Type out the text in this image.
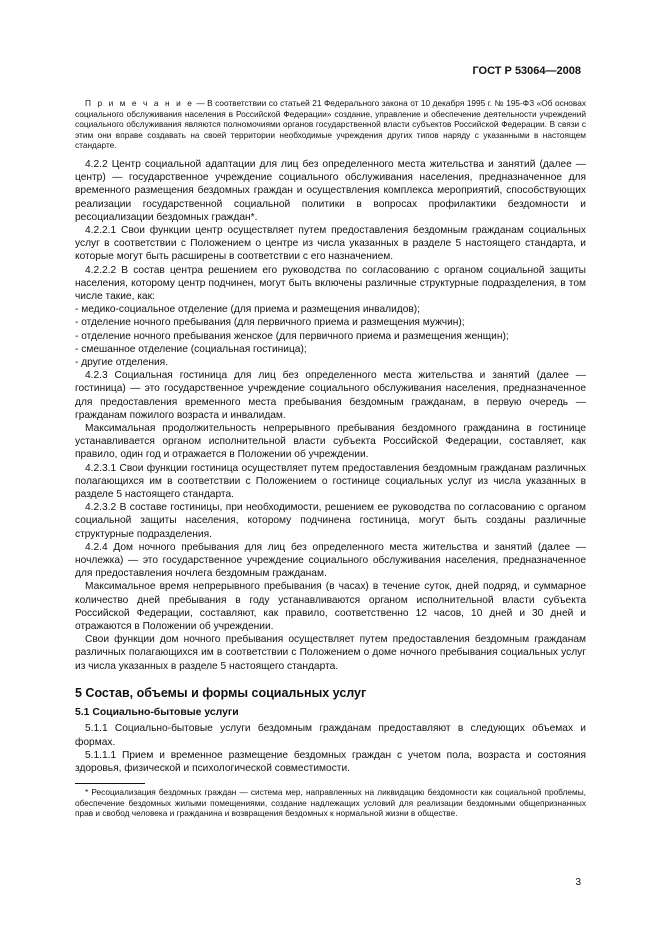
ГОСТ Р 53064—2008

П р и м е ч а н и е — В соответствии со статьей 21 Федерального закона от 10 декабря 1995 г. № 195-ФЗ «Об основах социального обслуживания населения в Российской Федерации» создание, управление и обеспечение деятельности учреждений социального обслуживания являются полномочиями органов государственной власти субъектов Российской Федерации. В связи с этим они вправе создавать на своей территории необходимые учреждения других типов наряду с указанными в настоящем стандарте.

4.2.2 Центр социальной адаптации для лиц без определенного места жительства и занятий (далее — центр) — государственное учреждение социального обслуживания населения, предназначенное для временного размещения бездомных граждан и осуществления комплекса мероприятий, способствующих реализации государственной социальной политики в вопросах профилактики бездомности и ресоциализации бездомных граждан*.

4.2.2.1 Свои функции центр осуществляет путем предоставления бездомным гражданам социальных услуг в соответствии с Положением о центре из числа указанных в разделе 5 настоящего стандарта, и которые могут быть расширены в соответствии с его назначением.

4.2.2.2 В состав центра решением его руководства по согласованию с органом социальной защиты населения, которому центр подчинен, могут быть включены различные структурные подразделения, в том числе такие, как:

- медико-социальное отделение (для приема и размещения инвалидов);
- отделение ночного пребывания (для первичного приема и размещения мужчин);
- отделение ночного пребывания женское (для первичного приема и размещения женщин);
- смешанное отделение (социальная гостиница);
- другие отделения.

4.2.3 Социальная гостиница для лиц без определенного места жительства и занятий (далее — гостиница) — это государственное учреждение социального обслуживания населения, предназначенное для предоставления временного места пребывания бездомным гражданам, в первую очередь — гражданам пожилого возраста и инвалидам.

Максимальная продолжительность непрерывного пребывания бездомного гражданина в гостинице устанавливается органом исполнительной власти субъекта Российской Федерации, составляет, как правило, один год и отражается в Положении об учреждении.

4.2.3.1 Свои функции гостиница осуществляет путем предоставления бездомным гражданам различных полагающихся им в соответствии с Положением о гостинице социальных услуг из числа указанных в разделе 5 настоящего стандарта.

4.2.3.2 В составе гостиницы, при необходимости, решением ее руководства по согласованию с органом социальной защиты населения, которому подчинена гостиница, могут быть созданы различные структурные подразделения.

4.2.4 Дом ночного пребывания для лиц без определенного места жительства и занятий (далее — ночлежка) — это государственное учреждение социального обслуживания населения, предназначенное для предоставления ночлега бездомным гражданам.

Максимальное время непрерывного пребывания (в часах) в течение суток, дней подряд, и суммарное количество дней пребывания в году устанавливаются органом исполнительной власти субъекта Российской Федерации, составляют, как правило, соответственно 12 часов, 10 дней и 30 дней и отражаются в Положении об учреждении.

Свои функции дом ночного пребывания осуществляет путем предоставления бездомным гражданам различных полагающихся им в соответствии с Положением о доме ночного пребывания социальных услуг из числа указанных в разделе 5 настоящего стандарта.

5 Состав, объемы и формы социальных услуг
5.1 Социально-бытовые услуги

5.1.1 Социально-бытовые услуги бездомным гражданам предоставляют в следующих объемах и формах.

5.1.1.1 Прием и временное размещение бездомных граждан с учетом пола, возраста и состояния здоровья, физической и психологической совместимости.

* Ресоциализация бездомных граждан — система мер, направленных на ликвидацию бездомности как социальной проблемы, обеспечение бездомных жилыми помещениями, создание надлежащих условий для реализации бездомными общепризнанных прав и свобод человека и гражданина и возвращения бездомных к нормальной жизни в обществе.

3
